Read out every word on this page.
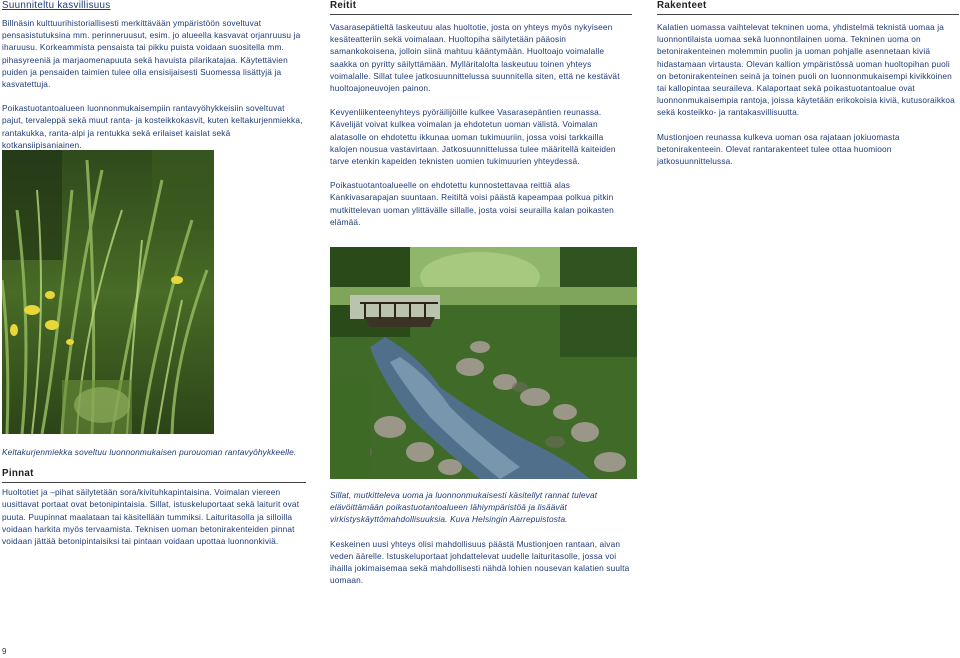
Suunniteltu kasvillisuus

Billnäsin kulttuurihistoriallisesti merkittävään ympäristöön soveltuvat pensasistutuksina mm. perinneruusut, esim. jo alueella kasvavat orjanruusu ja iharuusu. Korkeammista pensaista tai pikku puista voidaan suositella mm. pihasyreeniä ja marjaomenapuuta sekä havuista pilarikatajaa. Käytettävien puiden ja pensaiden taimien tulee olla ensisijaisesti Suomessa lisättyjä ja kasvatettuja.

Poikastuotantoalueen luonnonmukaisempiin rantavyöhykkeisiin soveltuvat pajut, tervaleppä sekä muut ranta- ja kosteikkokasvit, kuten keltakurjenmiekka, rantakukka, ranta-alpi ja rentukka sekä erilaiset kaislat sekä kotkansiipisaniainen.

Keltakurjenmiekka soveltuu luonnonmukaisen purouoman rantavyöhykkeelle.

Pinnat

Huoltotiet ja –pihat säilytetään sora/kivituhkapintaisina. Voimalan viereen uusittavat portaat ovat betonipintaisia. Sillat, istuskeluportaat sekä laiturit ovat puuta. Puupinnat maalataan tai käsitellään tummiksi. Laituritasolla ja silloilla voidaan harkita myös tervaamista. Teknisen uoman betonirakenteiden pinnat voidaan jättää betonipintaisiksi tai pintaan voidaan upottaa luonnonkiviä.

Reitit

Vasarasepätieltä laskeutuu alas huoltotie, josta on yhteys myös nykyiseen kesäteatteriin sekä voimalaan. Huoltopiha säilytetään pääosin samankokoisena, jolloin siinä mahtuu kääntymään. Huoltoajo voimalalle saakka on pyritty säilyttämään. Mylläritalolta laskeutuu toinen yhteys voimalalle. Sillat tulee jatkosuunnittelussa suunnitella siten, että ne kestävät huoltoajoneuvojen painon.

Kevyenliikenteenyhteys pyöräilijöille kulkee Vasarasepäntien reunassa. Kävelijät voivat kulkea voimalan ja ehdotetun uoman välistä. Voimalan alatasolle on ehdotettu ikkunaa uoman tukimuuriin, jossa voisi tarkkailla kalojen nousua vastavirtaan. Jatkosuunnittelussa tulee määritellä kaiteiden tarve etenkin kapeiden teknisten uomien tukimuurien yhteydessä.

Poikastuotantoalueelle on ehdotettu kunnostettavaa reittiä alas Kankivasarapajan suuntaan. Reitiltä voisi päästä kapeampaa polkua pitkin mutkittelevan uoman ylittävälle sillalle, josta voisi seurailla kalan poikasten elämää.

Sillat, mutkitteleva uoma ja luonnonmukaisesti käsitellyt rannat tulevat elävöittämään poikastuotantoalueen lähiympäristöä ja lisäävät virkistyskäyttömahdollisuuksia. Kuva Helsingin Aarrepuistosta.

Keskeinen uusi yhteys olisi mahdollisuus päästä Mustionjoen rantaan, aivan veden äärelle. Istuskeluportaat johdattelevat uudelle laituritasolle, jossa voi ihailla jokimaisemaa sekä mahdollisesti nähdä lohien nousevan kalatien suulta uomaan.

Rakenteet

Kalatien uomassa vaihtelevat tekninen uoma, yhdistelmä teknistä uomaa ja luonnontilaista uomaa sekä luonnontilainen uoma. Tekninen uoma on betonirakenteinen molemmin puolin ja uoman pohjalle asennetaan kiviä hidastamaan virtausta. Olevan kallion ympäristössä uoman huoltopihan puoli on betonirakenteinen seinä ja toinen puoli on luonnonmukaisempi kivikkoinen tai kallopintaa seuraileva. Kalaportaat sekä poikastuotantoalue ovat luonnonmukaisempia rantoja, joissa käytetään erikokoisia kiviä, kutusoraikkoa sekä kosteikko- ja rantakasvillisuutta.

Mustionjoen reunassa kulkeva uoman osa rajataan jokiuomasta betonirakenteein. Olevat rantarakenteet tulee ottaa huomioon jatkosuunnittelussa.

9
